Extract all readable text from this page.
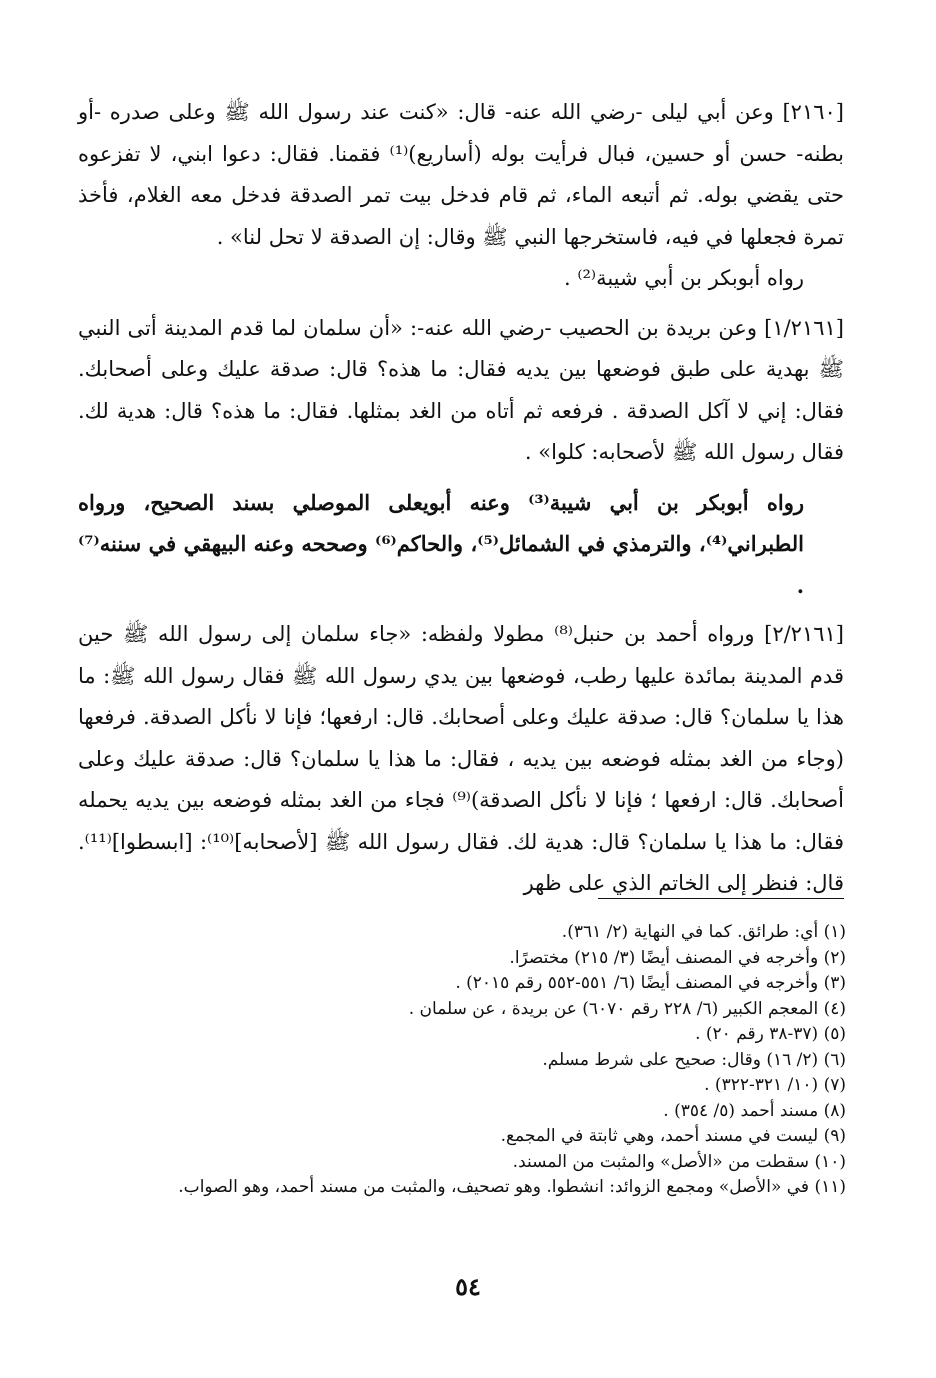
[٢١٦٠] وعن أبي ليلى -رضي الله عنه- قال: «كنت عند رسول الله ﷺ وعلى صدره -أو بطنه- حسن أو حسين، فبال فرأيت بوله (أساريع)⁽¹⁾ فقمنا. فقال: دعوا ابني، لا تفزعوه حتى يقضي بوله. ثم أتبعه الماء، ثم قام فدخل بيت تمر الصدقة فدخل معه الغلام، فأخذ تمرة فجعلها في فيه، فاستخرجها النبي ﷺ وقال: إن الصدقة لا تحل لنا» .

رواه أبوبكر بن أبي شيبة⁽²⁾ .

[١/٢١٦١] وعن بريدة بن الحصيب -رضي الله عنه-: «أن سلمان لما قدم المدينة أتى النبي ﷺ بهدية على طبق فوضعها بين يديه فقال: ما هذه؟ قال: صدقة عليك وعلى أصحابك. فقال: إني لا آكل الصدقة . فرفعه ثم أتاه من الغد بمثلها. فقال: ما هذه؟ قال: هدية لك. فقال رسول الله ﷺ لأصحابه: كلوا» .

رواه أبوبكر بن أبي شيبة⁽³⁾ وعنه أبويعلى الموصلي بسند الصحيح، ورواه الطبراني⁽⁴⁾، والترمذي في الشمائل⁽⁵⁾، والحاكم⁽⁶⁾ وصححه وعنه البيهقي في سننه⁽⁷⁾ .

[٢/٢١٦١] ورواه أحمد بن حنبل⁽⁸⁾ مطولا ولفظه: «جاء سلمان إلى رسول الله ﷺ حين قدم المدينة بمائدة عليها رطب، فوضعها بين يدي رسول الله ﷺ فقال رسول الله ﷺ: ما هذا يا سلمان؟ قال: صدقة عليك وعلى أصحابك. قال: ارفعها؛ فإنا لا نأكل الصدقة. فرفعها (وجاء من الغد بمثله فوضعه بين يديه ، فقال: ما هذا يا سلمان؟ قال: صدقة عليك وعلى أصحابك. قال: ارفعها ؛ فإنا لا نأكل الصدقة)⁽⁹⁾ فجاء من الغد بمثله فوضعه بين يديه يحمله فقال: ما هذا يا سلمان؟ قال: هدية لك. فقال رسول الله ﷺ [لأصحابه]⁽¹⁰⁾: [ابسطوا]⁽¹¹⁾. قال: فنظر إلى الخاتم الذي على ظهر

(١) أي: طرائق. كما في النهاية (٢/ ٣٦١).
(٢) وأخرجه في المصنف أيضًا (٣/ ٢١٥) مختصرًا.
(٣) وأخرجه في المصنف أيضًا (٦/ ٥٥١-٥٥٢ رقم ٢٠١٥) .
(٤) المعجم الكبير (٦/ ٢٢٨ رقم ٦٠٧٠) عن بريدة ، عن سلمان .
(٥) (٣٧-٣٨ رقم ٢٠) .
(٦) (٢/ ١٦) وقال: صحيح على شرط مسلم.
(٧) (١٠/ ٣٢١-٣٢٢) .
(٨) مسند أحمد (٥/ ٣٥٤) .
(٩) ليست في مسند أحمد، وهي ثابتة في المجمع.
(١٠) سقطت من «الأصل» والمثبت من المسند.
(١١) في «الأصل» ومجمع الزوائد: انشطوا. وهو تصحيف، والمثبت من مسند أحمد، وهو الصواب.
٥٤
